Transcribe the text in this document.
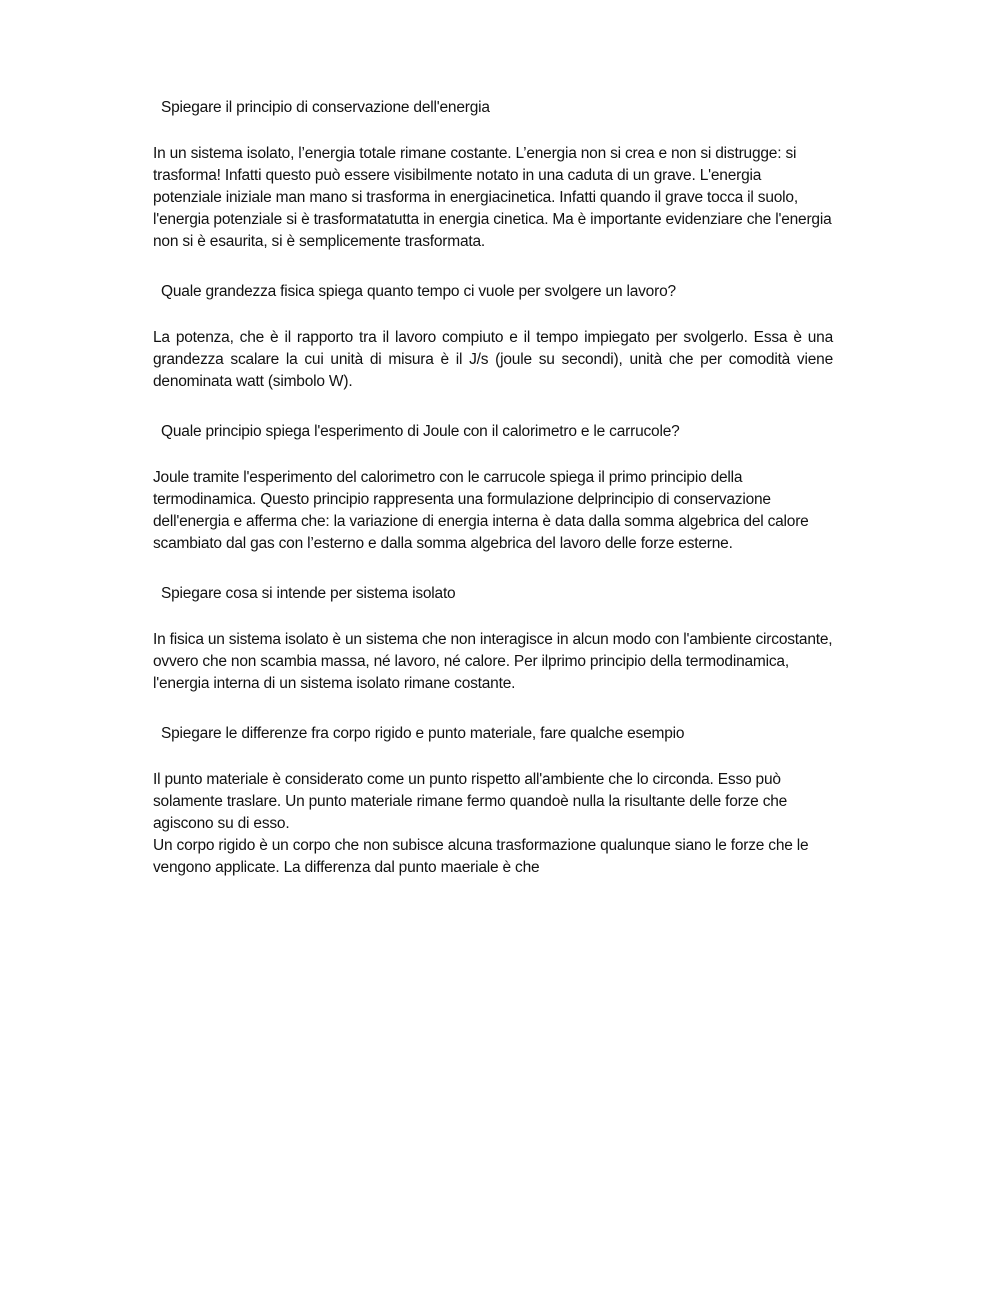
Spiegare il principio di conservazione dell'energia

In un sistema isolato, l’energia totale rimane costante. L’energia non si crea e non si distrugge: si trasforma! Infatti questo può essere visibilmente notato in una caduta di un grave. L'energia potenziale iniziale man mano si trasforma in energiacinetica. Infatti quando il grave tocca il suolo, l'energia potenziale si è trasformatatutta in energia cinetica. Ma è importante evidenziare che l'energia non si è esaurita, si è semplicemente trasformata.

Quale grandezza fisica spiega quanto tempo ci vuole per svolgere un lavoro?

La potenza, che è il rapporto tra il lavoro compiuto e il tempo impiegato per svolgerlo. Essa è una grandezza scalare la cui unità di misura è il J/s (joule su secondi), unità che per comodità viene denominata watt (simbolo W).

Quale principio spiega l'esperimento di Joule con il calorimetro e le carrucole?

Joule tramite l'esperimento del calorimetro con le carrucole spiega il primo principio della termodinamica. Questo principio rappresenta una formulazione delprincipio di conservazione dell'energia e afferma che: la variazione di energia interna è data dalla somma algebrica del calore scambiato dal gas con l’esterno e dalla somma algebrica del lavoro delle forze esterne.

Spiegare cosa si intende per sistema isolato

In fisica un sistema isolato è un sistema che non interagisce in alcun modo con l'ambiente circostante, ovvero che non scambia massa, né lavoro, né calore. Per ilprimo principio della termodinamica, l'energia interna di un sistema isolato rimane costante.

Spiegare le differenze fra corpo rigido e punto materiale, fare qualche esempio

Il punto materiale è considerato come un punto rispetto all'ambiente che lo circonda. Esso può solamente traslare. Un punto materiale rimane fermo quandoè nulla la risultante delle forze che agiscono su di esso.

Un corpo rigido è un corpo che non subisce alcuna trasformazione qualunque siano le forze che le vengono applicate. La differenza dal punto maeriale è che
